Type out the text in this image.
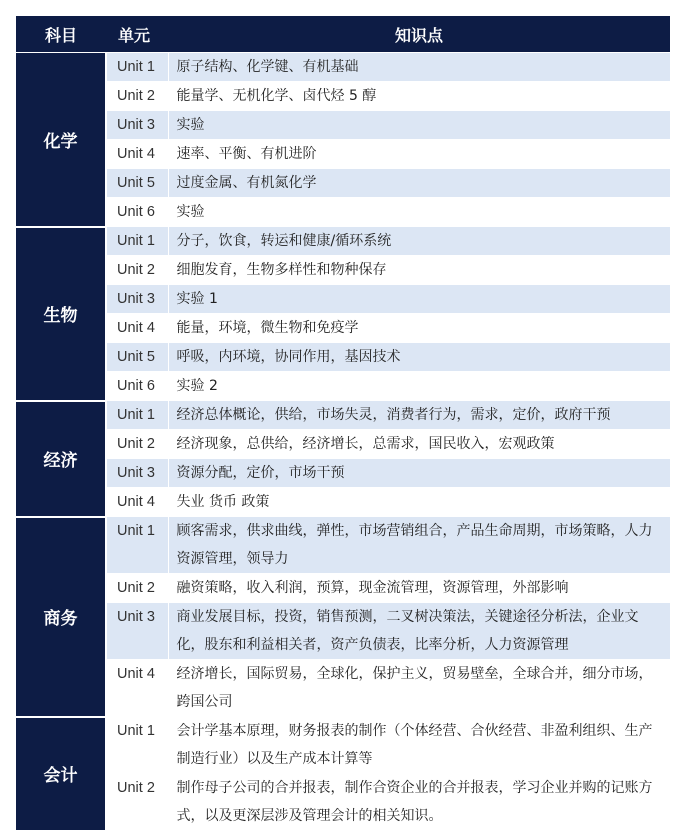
科目	单元	知识点
化学	Unit 1	原子结构、化学键、有机基础
	Unit 2	能量学、无机化学、卤代烃 5 醇
	Unit 3	实验
	Unit 4	速率、平衡、有机进阶
	Unit 5	过度金属、有机氮化学
	Unit 6	实验
生物	Unit 1	分子，饮食，转运和健康/循环系统
	Unit 2	细胞发育，生物多样性和物种保存
	Unit 3	实验 1
	Unit 4	能量，环境，微生物和免疫学
	Unit 5	呼吸，内环境，协同作用，基因技术
	Unit 6	实验 2
经济	Unit 1	经济总体概论，供给，市场失灵，消费者行为，需求，定价，政府干预
	Unit 2	经济现象，总供给，经济增长，总需求，国民收入，宏观政策
	Unit 3	资源分配，定价，市场干预
	Unit 4	失业 货币 政策
商务	Unit 1	顾客需求，供求曲线，弹性，市场营销组合，产品生命周期，市场策略，人力资源管理，领导力
	Unit 2	融资策略，收入利润，预算，现金流管理，资源管理，外部影响
	Unit 3	商业发展目标，投资，销售预测，二叉树决策法，关键途径分析法，企业文化，股东和利益相关者，资产负债表，比率分析，人力资源管理
	Unit 4	经济增长，国际贸易，全球化，保护主义，贸易壁垒，全球合并，细分市场，跨国公司
会计	Unit 1	会计学基本原理，财务报表的制作（个体经营、合伙经营、非盈利组织、生产制造行业）以及生产成本计算等
	Unit 2	制作母子公司的合并报表，制作合资企业的合并报表，学习企业并购的记账方式，以及更深层涉及管理会计的相关知识。
